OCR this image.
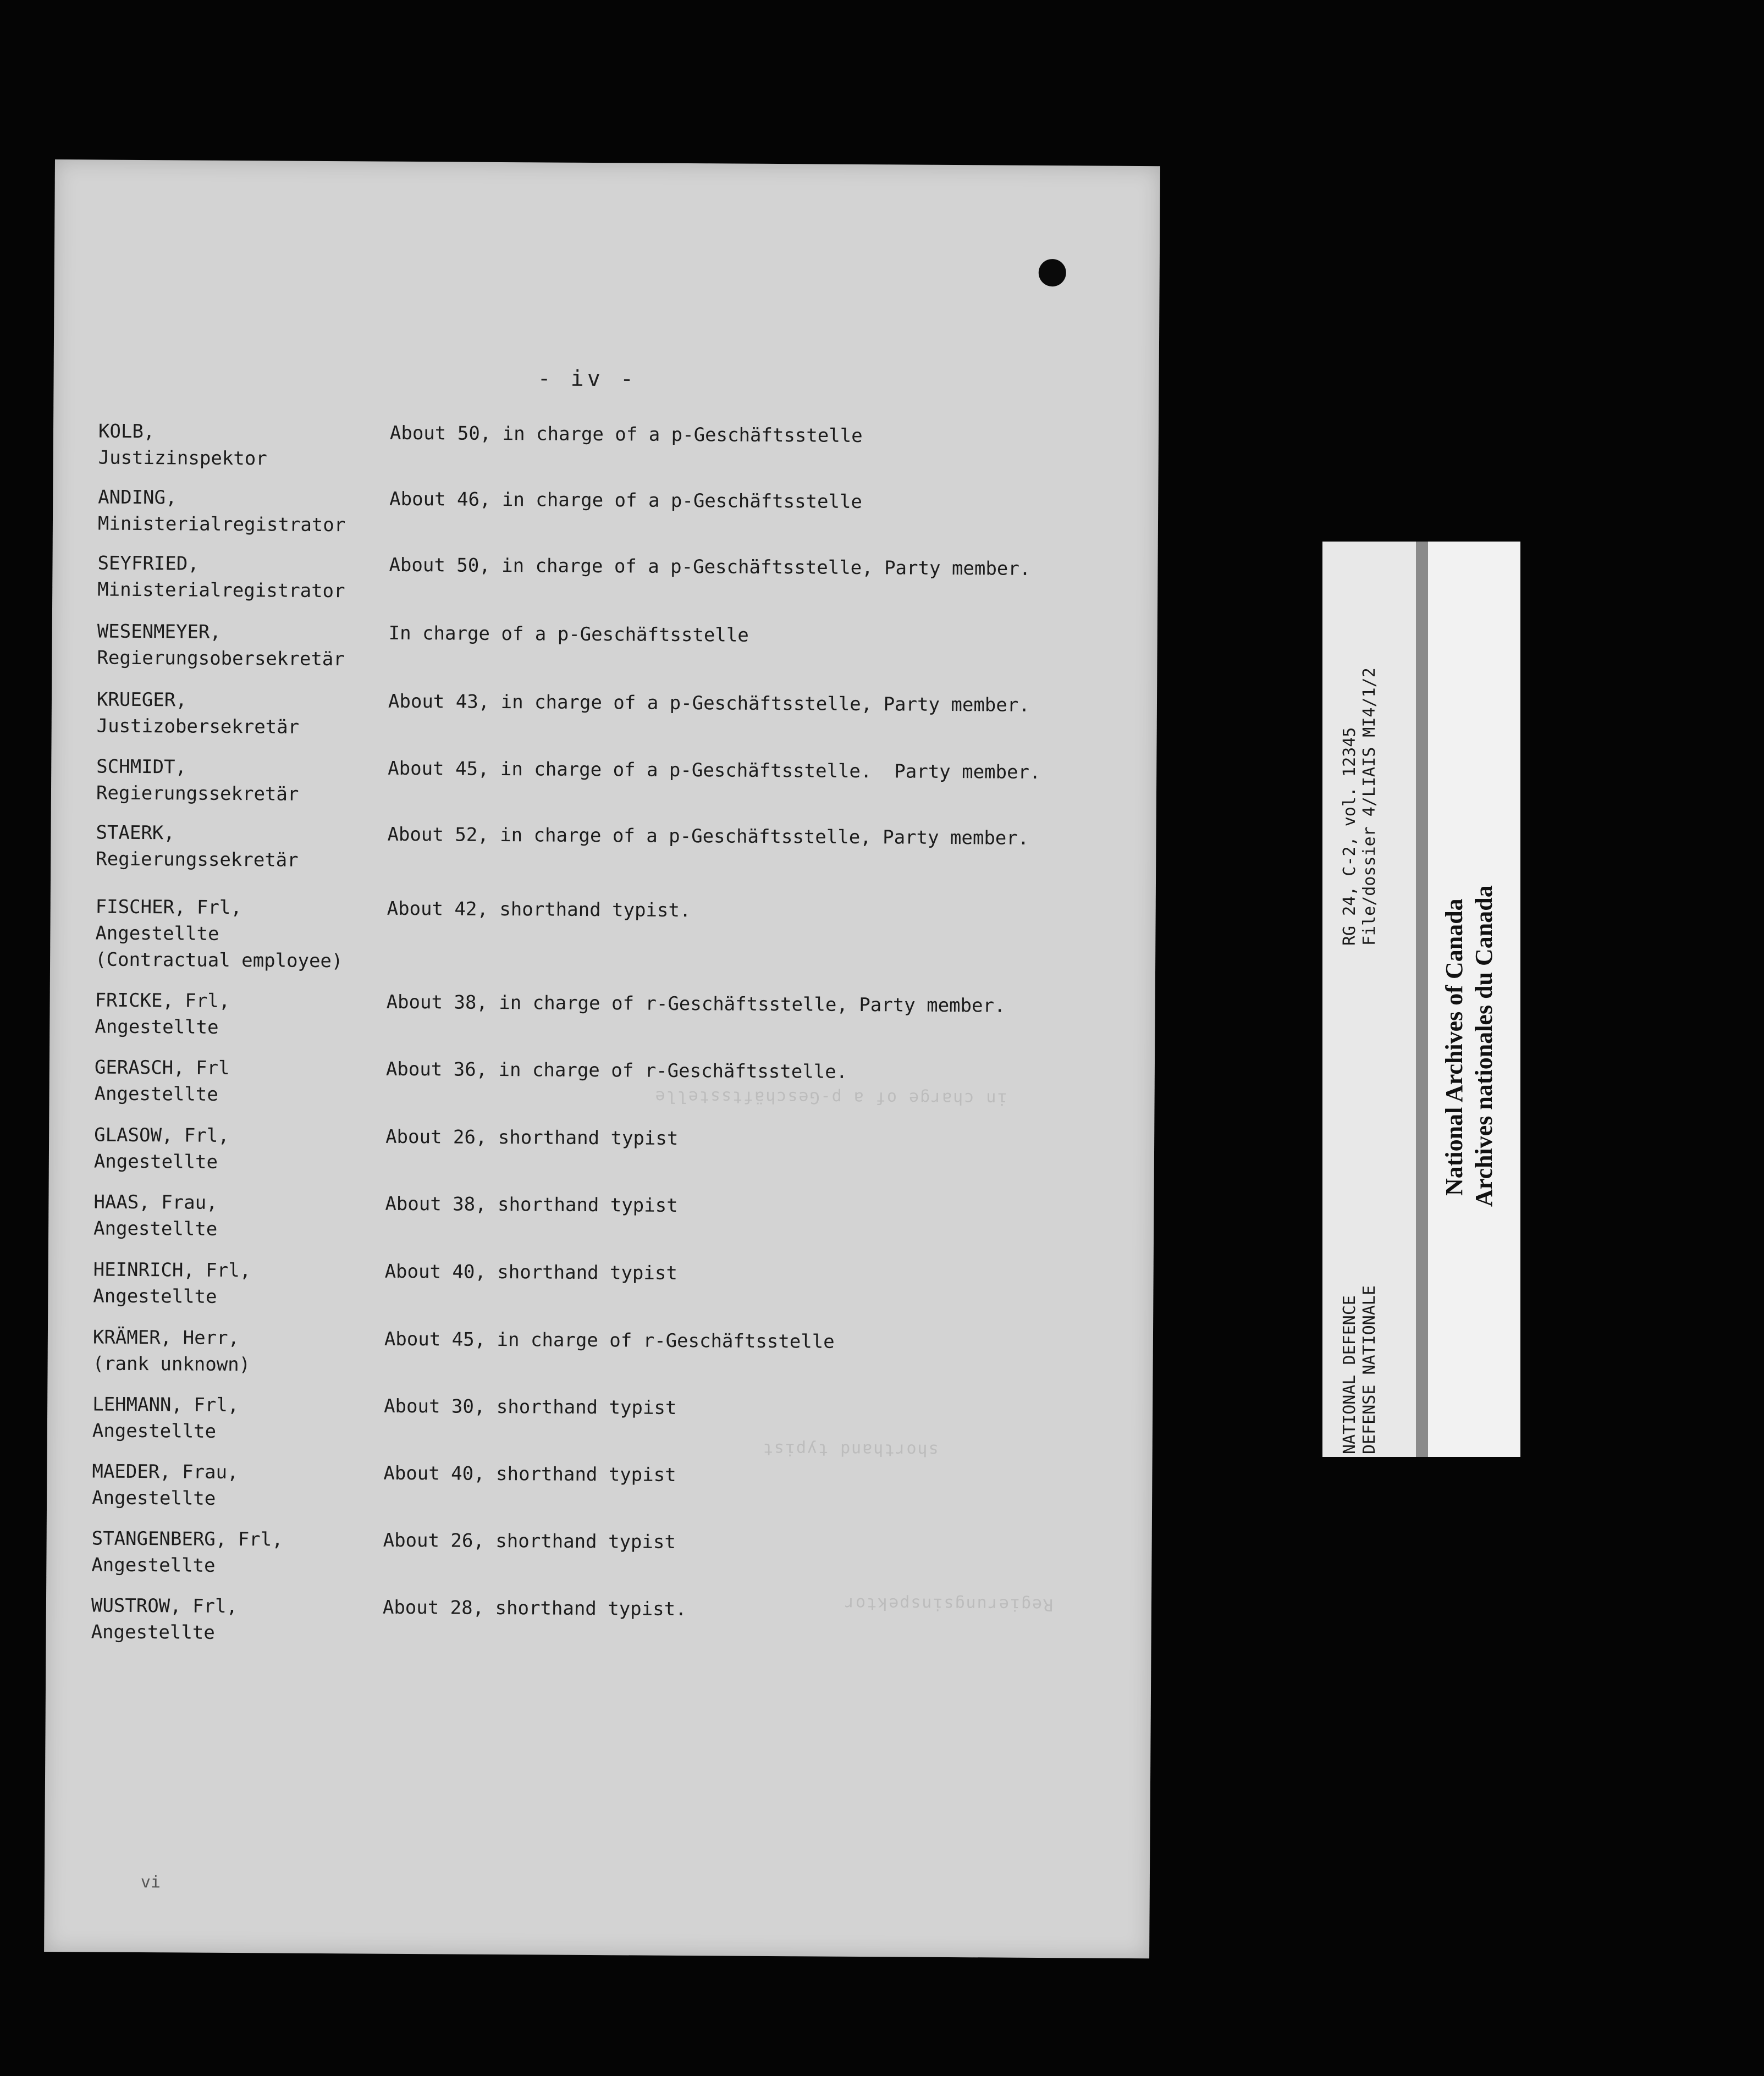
in charge of a p-Geschäftsstelle
shorthand typist
Regierungsinspektor
- iv -
KOLB,
Justizinspektor
About 50, in charge of a p-Geschäftsstelle
ANDING,
Ministerialregistrator
About 46, in charge of a p-Geschäftsstelle
SEYFRIED,
Ministerialregistrator
About 50, in charge of a p-Geschäftsstelle, Party member.
WESENMEYER,
Regierungsobersekretär
In charge of a p-Geschäftsstelle
KRUEGER,
Justizobersekretär
About 43, in charge of a p-Geschäftsstelle, Party member.
SCHMIDT,
Regierungssekretär
About 45, in charge of a p-Geschäftsstelle.  Party member.
STAERK,
Regierungssekretär
About 52, in charge of a p-Geschäftsstelle, Party member.
FISCHER, Frl,
Angestellte
(Contractual employee)
About 42, shorthand typist.
FRICKE, Frl,
Angestellte
About 38, in charge of r-Geschäftsstelle, Party member.
GERASCH, Frl
Angestellte
About 36, in charge of r-Geschäftsstelle.
GLASOW, Frl,
Angestellte
About 26, shorthand typist
HAAS, Frau,
Angestellte
About 38, shorthand typist
HEINRICH, Frl,
Angestellte
About 40, shorthand typist
KRÄMER, Herr,
(rank unknown)
About 45, in charge of r-Geschäftsstelle
LEHMANN, Frl,
Angestellte
About 30, shorthand typist
MAEDER, Frau,
Angestellte
About 40, shorthand typist
STANGENBERG, Frl,
Angestellte
About 26, shorthand typist
WUSTROW, Frl,
Angestellte
About 28, shorthand typist.
vi
NATIONAL DEFENCE
DEFENSE NATIONALE
RG 24, C-2, vol. 12345
File/dossier 4/LIAIS MI4/1/2
National Archives of Canada Archives nationales du Canada
